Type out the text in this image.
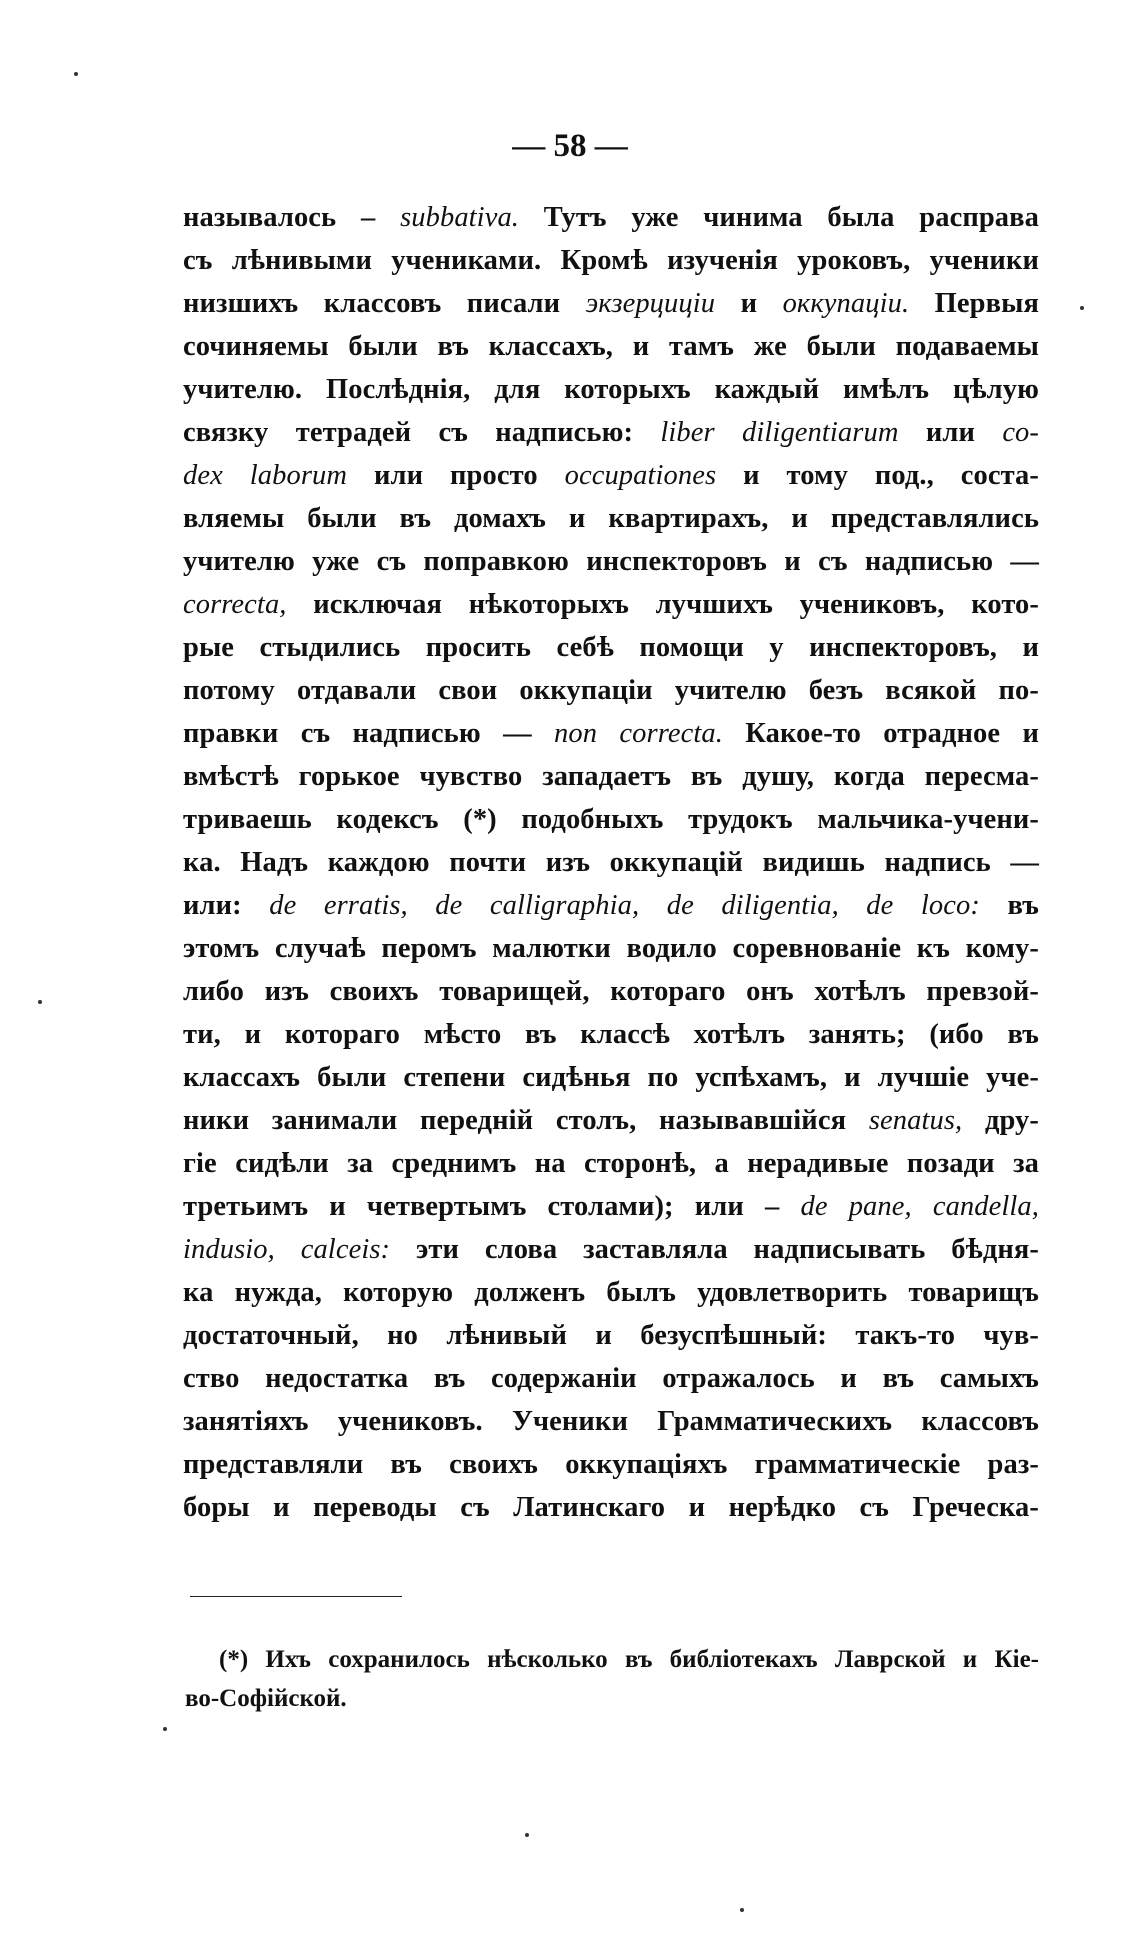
— 58 —
называлось – subbativa. Тутъ уже чинима была расправа
съ лѣнивыми учениками. Кромѣ изученія уроковъ, ученики
низшихъ классовъ писали экзерциціи и оккупаціи. Первыя
сочиняемы были въ классахъ, и тамъ же были подаваемы
учителю. Послѣднія, для которыхъ каждый имѣлъ цѣлую
связку тетрадей съ надписью: liber diligentiarum или co-
dex laborum или просто occupationes и тому под., соста-
вляемы были въ домахъ и квартирахъ, и представлялись
учителю уже съ поправкою инспекторовъ и съ надписью —
correcta, исключая нѣкоторыхъ лучшихъ учениковъ, кото-
рые стыдились просить себѣ помощи у инспекторовъ, и
потому отдавали свои оккупаціи учителю безъ всякой по-
правки съ надписью — non correcta. Какое-то отрадное и
вмѣстѣ горькое чувство западаетъ въ душу, когда пересма-
триваешь кодексъ (*) подобныхъ трудокъ мальчика-учени-
ка. Надъ каждою почти изъ оккупацій видишь надпись —
или: de erratis, de calligraphia, de diligentia, de loco: въ
этомъ случаѣ перомъ малютки водило соревнованіе къ кому-
либо изъ своихъ товарищей, котораго онъ хотѣлъ превзой-
ти, и котораго мѣсто въ классѣ хотѣлъ занять; (ибо въ
классахъ были степени сидѣнья по успѣхамъ, и лучшіе уче-
ники занимали передній столъ, называвшійся senatus, дру-
гіе сидѣли за среднимъ на сторонѣ, а нерадивые позади за
третьимъ и четвертымъ столами); или – de pane, candella,
indusio, calceis: эти слова заставляла надписывать бѣдня-
ка нужда, которую долженъ былъ удовлетворить товарищъ
достаточный, но лѣнивый и безуспѣшный: такъ-то чув-
ство недостатка въ содержаніи отражалось и въ самыхъ
занятіяхъ учениковъ. Ученики Грамматическихъ классовъ
представляли въ своихъ оккупаціяхъ грамматическіе раз-
боры и переводы съ Латинскаго и нерѣдко съ Греческа-
(*) Ихъ сохранилось нѣсколько въ библіотекахъ Лаврской и Кіе-
во-Софійской.
